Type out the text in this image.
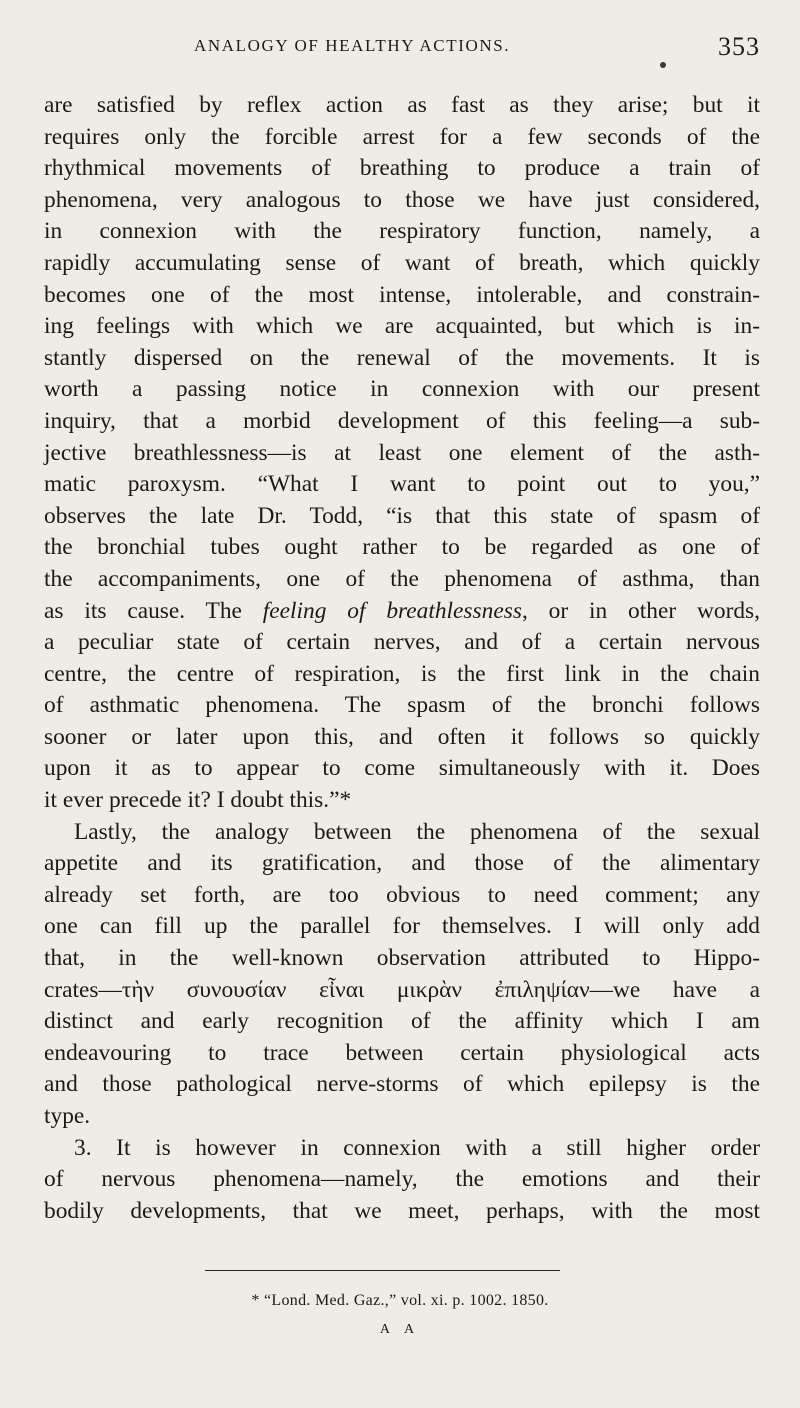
ANALOGY OF HEALTHY ACTIONS.	353
are satisfied by reflex action as fast as they arise; but it
requires only the forcible arrest for a few seconds of the
rhythmical movements of breathing to produce a train of
phenomena, very analogous to those we have just considered,
in connexion with the respiratory function, namely, a
rapidly accumulating sense of want of breath, which quickly
becomes one of the most intense, intolerable, and constrain-
ing feelings with which we are acquainted, but which is in-
stantly dispersed on the renewal of the movements. It is
worth a passing notice in connexion with our present
inquiry, that a morbid development of this feeling—a sub-
jective breathlessness—is at least one element of the asth-
matic paroxysm. “What I want to point out to you,”
observes the late Dr. Todd, “is that this state of spasm of
the bronchial tubes ought rather to be regarded as one of
the accompaniments, one of the phenomena of asthma, than
as its cause. The feeling of breathlessness, or in other words,
a peculiar state of certain nerves, and of a certain nervous
centre, the centre of respiration, is the first link in the chain
of asthmatic phenomena. The spasm of the bronchi follows
sooner or later upon this, and often it follows so quickly
upon it as to appear to come simultaneously with it. Does
it ever precede it? I doubt this.”*
Lastly, the analogy between the phenomena of the sexual
appetite and its gratification, and those of the alimentary
already set forth, are too obvious to need comment; any
one can fill up the parallel for themselves. I will only add
that, in the well-known observation attributed to Hippo-
crates—τὴν συνουσίαν εἶναι μικρὰν ἐπιληψίαν—we have a
distinct and early recognition of the affinity which I am
endeavouring to trace between certain physiological acts
and those pathological nerve-storms of which epilepsy is the
type.
3. It is however in connexion with a still higher order
of nervous phenomena—namely, the emotions and their
bodily developments, that we meet, perhaps, with the most
* “Lond. Med. Gaz.,” vol. xi. p. 1002. 1850.
A A
